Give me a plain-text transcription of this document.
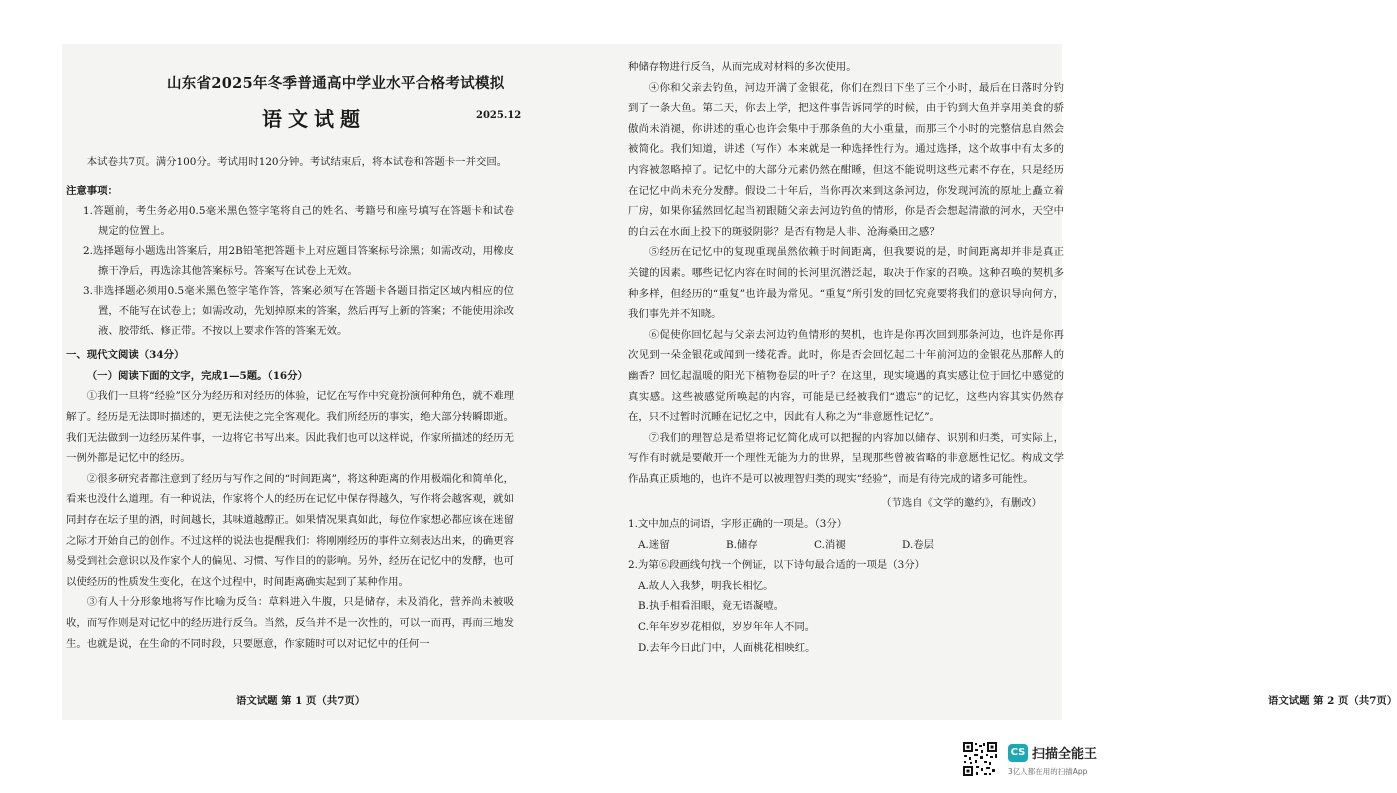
山东省2025年冬季普通高中学业水平合格考试模拟
语文试题	2025.12

本试卷共7页。满分100分。考试用时120分钟。考试结束后，将本试卷和答题卡一并交回。

注意事项：

1.答题前，考生务必用0.5毫米黑色签字笔将自己的姓名、考籍号和座号填写在答题卡和试卷规定的位置上。

2.选择题每小题选出答案后，用2B铅笔把答题卡上对应题目答案标号涂黑；如需改动，用橡皮擦干净后，再选涂其他答案标号。答案写在试卷上无效。

3.非选择题必须用0.5毫米黑色签字笔作答，答案必须写在答题卡各题目指定区域内相应的位置，不能写在试卷上；如需改动，先划掉原来的答案，然后再写上新的答案；不能使用涂改液、胶带纸、修正带。不按以上要求作答的答案无效。

一、现代文阅读（34分）

（一）阅读下面的文字，完成1—5题。（16分）

①我们一旦将“经验”区分为经历和对经历的体验，记忆在写作中究竟扮演何种角色，就不难理解了。经历是无法即时描述的，更无法使之完全客观化。我们所经历的事实，绝大部分转瞬即逝。我们无法做到一边经历某件事，一边将它书写出来。因此我们也可以这样说，作家所描述的经历无一例外都是记忆中的经历。

②很多研究者都注意到了经历与写作之间的“时间距离”，将这种距离的作用极端化和简单化，看来也没什么道理。有一种说法，作家将个人的经历在记忆中保存得越久，写作将会越客观，就如同封存在坛子里的酒，时间越长，其味道越醇正。如果情况果真如此，每位作家想必都应该在迷留之际才开始自己的创作。不过这样的说法也提醒我们：将刚刚经历的事件立刻表达出来，的确更容易受到社会意识以及作家个人的偏见、习惯、写作目的的影响。另外，经历在记忆中的发酵，也可以使经历的性质发生变化，在这个过程中，时间距离确实起到了某种作用。

③有人十分形象地将写作比喻为反刍：草料进入牛腹，只是储存，未及消化，营养尚未被吸收，而写作则是对记忆中的经历进行反刍。当然，反刍并不是一次性的，可以一而再，再而三地发生。也就是说，在生命的不同时段，只要愿意，作家随时可以对记忆中的任何一

语文试题 第 1 页（共7页）

种储存物进行反刍，从而完成对材料的多次使用。

④你和父亲去钓鱼，河边开满了金银花，你们在烈日下坐了三个小时，最后在日落时分钓到了一条大鱼。第二天，你去上学，把这件事告诉同学的时候，由于钓到大鱼并享用美食的骄傲尚未消褪，你讲述的重心也许会集中于那条鱼的大小重量，而那三个小时的完整信息自然会被简化。我们知道，讲述（写作）本来就是一种选择性行为。通过选择，这个故事中有太多的内容被忽略掉了。记忆中的大部分元素仍然在酣睡，但这不能说明这些元素不存在，只是经历在记忆中尚未充分发酵。假设二十年后，当你再次来到这条河边，你发现河流的原址上矗立着厂房，如果你猛然回忆起当初跟随父亲去河边钓鱼的情形，你是否会想起清澈的河水，天空中的白云在水面上投下的斑驳阴影？是否有物是人非、沧海桑田之感？

⑤经历在记忆中的复现重现虽然依赖于时间距离，但我要说的是，时间距离却并非是真正关键的因素。哪些记忆内容在时间的长河里沉潜泛起，取决于作家的召唤。这种召唤的契机多种多样，但经历的“重复”也许最为常见。“重复”所引发的回忆究竟要将我们的意识导向何方，我们事先并不知晓。

⑥促使你回忆起与父亲去河边钓鱼情形的契机，也许是你再次回到那条河边，也许是你再次见到一朵金银花或闻到一缕花香。此时，你是否会回忆起二十年前河边的金银花丛那醉人的幽香？回忆起温暖的阳光下植物卷层的叶子？在这里，现实境遇的真实感让位于回忆中感觉的真实感。这些被感觉所唤起的内容，可能是已经被我们“遗忘”的记忆，这些内容其实仍然存在，只不过暂时沉睡在记忆之中，因此有人称之为“非意愿性记忆”。

⑦我们的理智总是希望将记忆简化成可以把握的内容加以储存、识别和归类，可实际上，写作有时就是要敞开一个理性无能为力的世界，呈现那些曾被省略的非意愿性记忆。构成文学作品真正质地的，也许不是可以被理智归类的现实“经验”，而是有待完成的诸多可能性。

（节选自《文学的邀约》，有删改）

1.文中加点的词语，字形正确的一项是。（3分）

A.迷留	B.储存	C.消褪	D.卷层

2.为第⑥段画线句找一个例证，以下诗句最合适的一项是（3分）

A.故人入我梦，明我长相忆。

B.执手相看泪眼，竟无语凝噎。

C.年年岁岁花相似，岁岁年年人不同。

D.去年今日此门中，人面桃花相映红。

语文试题 第 2 页（共7页）
CS 扫描全能王
3亿人都在用的扫描App
